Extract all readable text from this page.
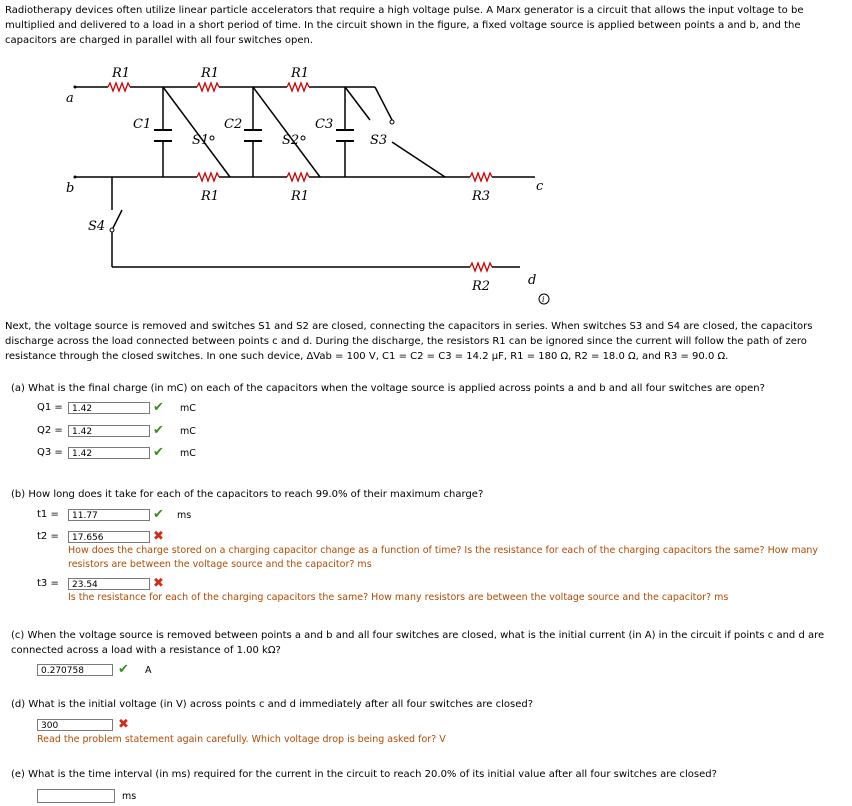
Radiotherapy devices often utilize linear particle accelerators that require a high voltage pulse. A Marx generator is a circuit that allows the input voltage to be multiplied and delivered to a load in a short period of time. In the circuit shown in the figure, a fixed voltage source is applied between points a and b, and the capacitors are charged in parallel with all four switches open.
a
b	c
d
R1	R1	R1
R1	R1	R3
R2
C1	C2	C3
S1	S2	S3
S4
i
Next, the voltage source is removed and switches S1 and S2 are closed, connecting the capacitors in series. When switches S3 and S4 are closed, the capacitors discharge across the load connected between points c and d. During the discharge, the resistors R1 can be ignored since the current will follow the path of zero resistance through the closed switches. In one such device, ΔVab = 100 V, C1 = C2 = C3 = 14.2 μF, R1 = 180 Ω, R2 = 18.0 Ω, and R3 = 90.0 Ω.
(a) What is the final charge (in mC) on each of the capacitors when the voltage source is applied across points a and b and all four switches are open?
Q1 =	1.42	✔ mC
Q2 =	1.42	✔ mC
Q3 =	1.42	✔ mC
(b) How long does it take for each of the capacitors to reach 99.0% of their maximum charge?
t1 =	11.77	✔ ms
t2 =	17.656	✖
How does the charge stored on a charging capacitor change as a function of time? Is the resistance for each of the charging capacitors the same? How many resistors are between the voltage source and the capacitor? ms
t3 =	23.54	✖
Is the resistance for each of the charging capacitors the same? How many resistors are between the voltage source and the capacitor? ms
(c) When the voltage source is removed between points a and b and all four switches are closed, what is the initial current (in A) in the circuit if points c and d are connected across a load with a resistance of 1.00 kΩ?
0.270758	✔ A
(d) What is the initial voltage (in V) across points c and d immediately after all four switches are closed?
300	✖
Read the problem statement again carefully. Which voltage drop is being asked for? V
(e) What is the time interval (in ms) required for the current in the circuit to reach 20.0% of its initial value after all four switches are closed?
ms
